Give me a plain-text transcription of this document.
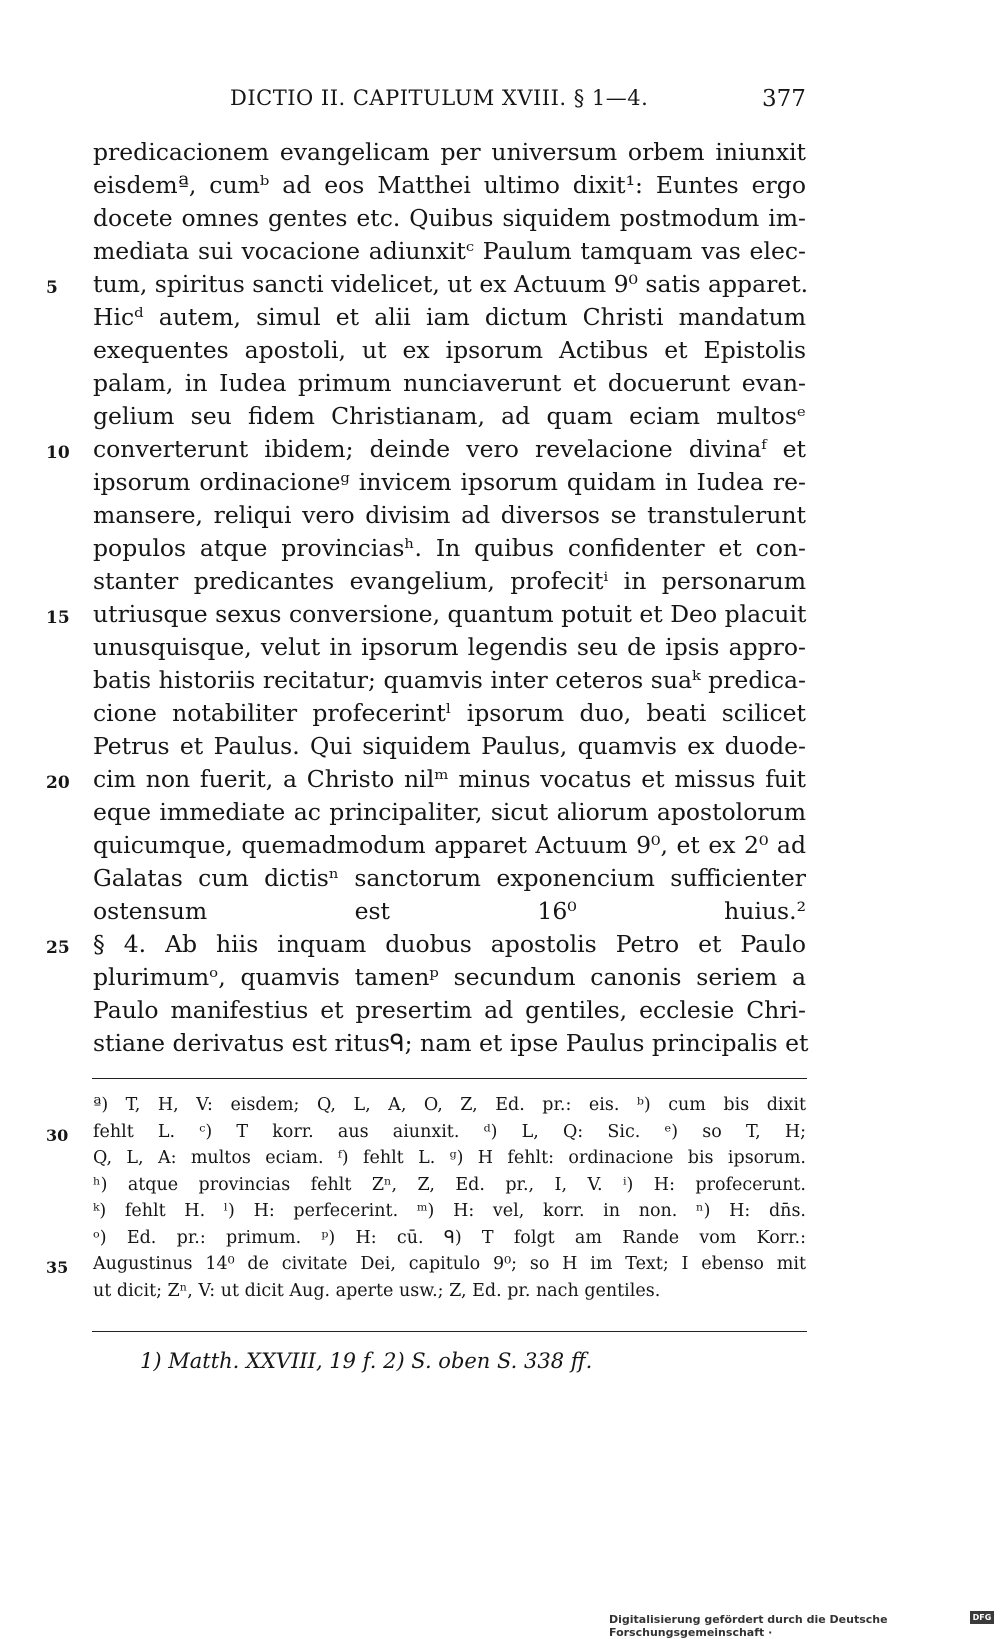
DICTIO II. CAPITULUM XVIII. § 1—4.	377
predicacionem evangelicam per universum orbem iniunxit
eisdemª, cumᵇ ad eos Matthei ultimo dixit¹: Euntes ergo
docete omnes gentes etc. Quibus siquidem postmodum im-
mediata sui vocacione adiunxitᶜ Paulum tamquam vas elec-
tum, spiritus sancti videlicet, ut ex Actuum 9⁰ satis apparet.
5
Hicᵈ autem, simul et alii iam dictum Christi mandatum
exequentes apostoli, ut ex ipsorum Actibus et Epistolis
palam, in Iudea primum nunciaverunt et docuerunt evan-
gelium seu fidem Christianam, ad quam eciam multosᵉ
converterunt ibidem; deinde vero revelacione divinaᶠ et
10
ipsorum ordinacioneᵍ invicem ipsorum quidam in Iudea re-
mansere, reliqui vero divisim ad diversos se transtulerunt
populos atque provinciasʰ. In quibus confidenter et con-
stanter predicantes evangelium, profecitⁱ in personarum
utriusque sexus conversione, quantum potuit et Deo placuit
15
unusquisque, velut in ipsorum legendis seu de ipsis appro-
batis historiis recitatur; quamvis inter ceteros suaᵏ predica-
cione notabiliter profecerintˡ ipsorum duo, beati scilicet
Petrus et Paulus. Qui siquidem Paulus, quamvis ex duode-
cim non fuerit, a Christo nilᵐ minus vocatus et missus fuit
20
eque immediate ac principaliter, sicut aliorum apostolorum
quicumque, quemadmodum apparet Actuum 9⁰, et ex 2⁰ ad
Galatas cum dictisⁿ sanctorum exponencium sufficienter
ostensum est 16⁰ huius.²
§ 4. Ab hiis inquam duobus apostolis Petro et Paulo
25
plurimumᵒ, quamvis tamenᵖ secundum canonis seriem a
Paulo manifestius et presertim ad gentiles, ecclesie Chri-
stiane derivatus est ritusᑫ; nam et ipse Paulus principalis et
ª) T, H, V: eisdem; Q, L, A, O, Z, Ed. pr.: eis. ᵇ) cum bis dixit
fehlt L. ᶜ) T korr. aus aiunxit. ᵈ) L, Q: Sic. ᵉ) so T, H;
30
Q, L, A: multos eciam. ᶠ) fehlt L. ᵍ) H fehlt: ordinacione bis ipsorum.
ʰ) atque provincias fehlt Zⁿ, Z, Ed. pr., I, V. ⁱ) H: profecerunt.
ᵏ) fehlt H. ˡ) H: perfecerint. ᵐ) H: vel, korr. in non. ⁿ) H: dn̄s.
ᵒ) Ed. pr.: primum. ᵖ) H: cū. ᑫ) T folgt am Rande vom Korr.:
Augustinus 14⁰ de civitate Dei, capitulo 9⁰; so H im Text; I ebenso mit
35
ut dicit; Zⁿ, V: ut dicit Aug. aperte usw.; Z, Ed. pr. nach gentiles.
1) Matth. XXVIII, 19 f. 2) S. oben S. 338 ff.
Digitalisierung gefördert durch die Deutsche Forschungsgemeinschaft ·
DFG
